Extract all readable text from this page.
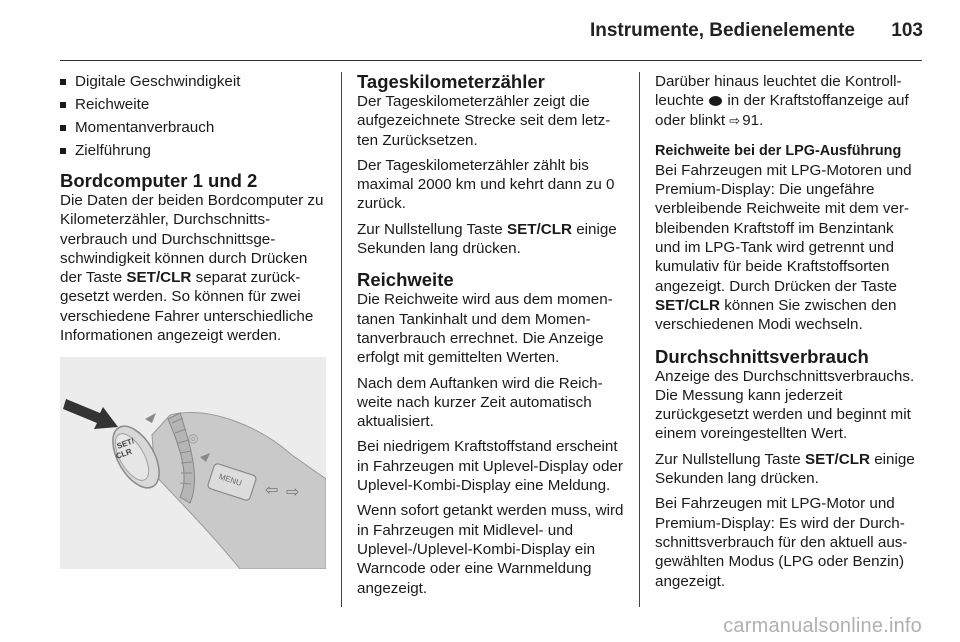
Instrumente, Bedienelemente 103
Digitale Geschwindigkeit
Reichweite
Momentanverbrauch
Zielführung
Bordcomputer 1 und 2

Die Daten der beiden Bordcomputer zu Kilometerzähler, Durchschnittsverbrauch und Durchschnittsgeschwindigkeit können durch Drücken der Taste SET/CLR separat zurückgesetzt werden. So können für zwei verschiedene Fahrer unterschiedliche Informationen angezeigt werden.

SET/
CLR
◎
MENU
⇦ ⇨
Tageskilometerzähler

Der Tageskilometerzähler zeigt die aufgezeichnete Strecke seit dem letzten Zurücksetzen.

Der Tageskilometerzähler zählt bis maximal 2000 km und kehrt dann zu 0 zurück.

Zur Nullstellung Taste SET/CLR einige Sekunden lang drücken.

Reichweite

Die Reichweite wird aus dem momentanen Tankinhalt und dem Momentanverbrauch errechnet. Die Anzeige erfolgt mit gemittelten Werten.

Nach dem Auftanken wird die Reichweite nach kurzer Zeit automatisch aktualisiert.

Bei niedrigem Kraftstoffstand erscheint in Fahrzeugen mit Uplevel-Display oder Uplevel-Kombi-Display eine Meldung.

Wenn sofort getankt werden muss, wird in Fahrzeugen mit Midlevel- und Uplevel-/Uplevel-Kombi-Display ein Warncode oder eine Warnmeldung angezeigt.

Darüber hinaus leuchtet die Kontrollleuchte  in der Kraftstoffanzeige auf oder blinkt ⇨ 91.

Reichweite bei der LPG-Ausführung

Bei Fahrzeugen mit LPG-Motoren und Premium-Display: Die ungefähre verbleibende Reichweite mit dem verbleibenden Kraftstoff im Benzintank und im LPG-Tank wird getrennt und kumulativ für beide Kraftstoffsorten angezeigt. Durch Drücken der Taste SET/CLR können Sie zwischen den verschiedenen Modi wechseln.

Durchschnittsverbrauch

Anzeige des Durchschnittsverbrauchs. Die Messung kann jederzeit zurückgesetzt werden und beginnt mit einem voreingestellten Wert.

Zur Nullstellung Taste SET/CLR einige Sekunden lang drücken.

Bei Fahrzeugen mit LPG-Motor und Premium-Display: Es wird der Durchschnittsverbrauch für den aktuell ausgewählten Modus (LPG oder Benzin) angezeigt.

carmanualsonline.info
